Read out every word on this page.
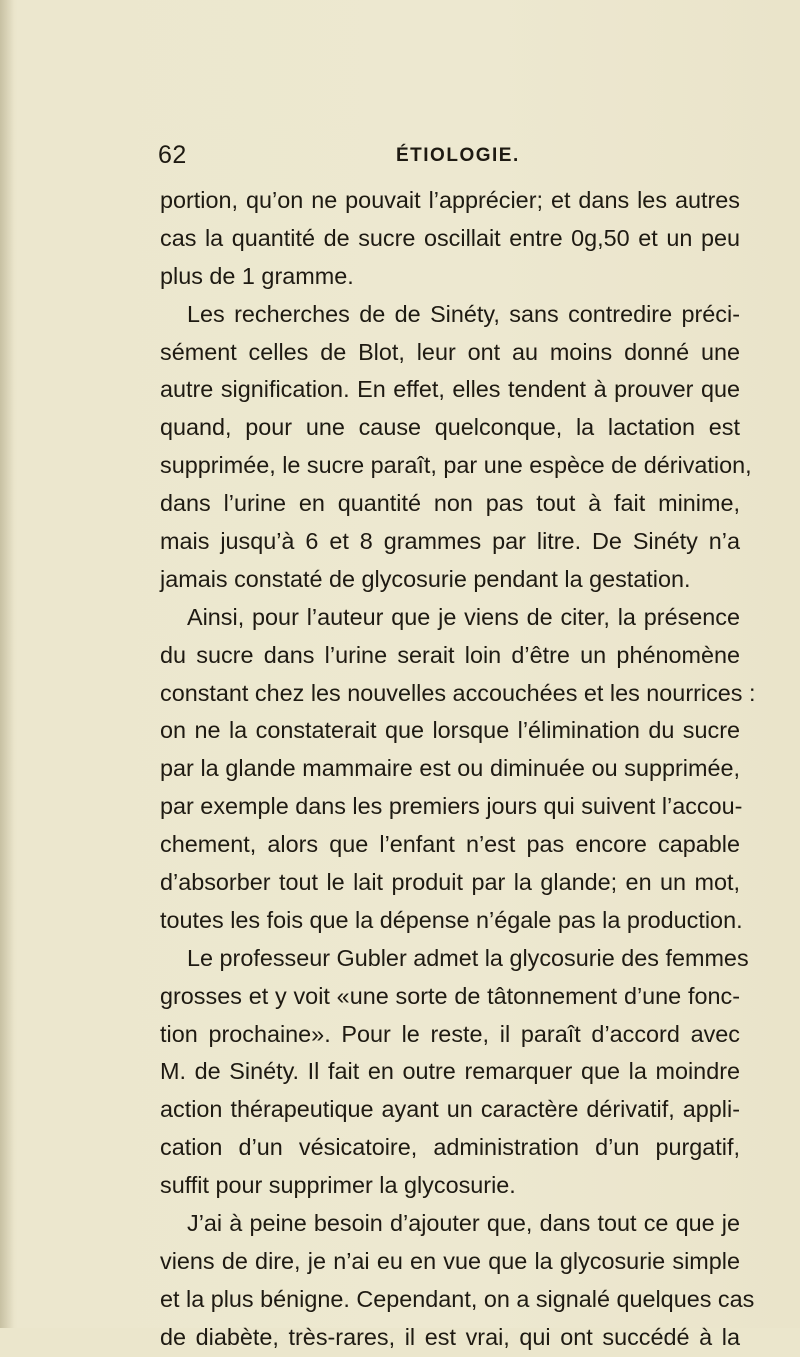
62	ÉTIOLOGIE.
portion, qu’on ne pouvait l’apprécier; et dans les autres
cas la quantité de sucre oscillait entre 0g,50 et un peu
plus de 1 gramme.
Les recherches de de Sinéty, sans contredire préci-
sément celles de Blot, leur ont au moins donné une
autre signification. En effet, elles tendent à prouver que
quand, pour une cause quelconque, la lactation est
supprimée, le sucre paraît, par une espèce de dérivation,
dans l’urine en quantité non pas tout à fait minime,
mais jusqu’à 6 et 8 grammes par litre. De Sinéty n’a
jamais constaté de glycosurie pendant la gestation.
Ainsi, pour l’auteur que je viens de citer, la présence
du sucre dans l’urine serait loin d’être un phénomène
constant chez les nouvelles accouchées et les nourrices :
on ne la constaterait que lorsque l’élimination du sucre
par la glande mammaire est ou diminuée ou supprimée,
par exemple dans les premiers jours qui suivent l’accou-
chement, alors que l’enfant n’est pas encore capable
d’absorber tout le lait produit par la glande; en un mot,
toutes les fois que la dépense n’égale pas la production.
Le professeur Gubler admet la glycosurie des femmes
grosses et y voit «une sorte de tâtonnement d’une fonc-
tion prochaine». Pour le reste, il paraît d’accord avec
M. de Sinéty. Il fait en outre remarquer que la moindre
action thérapeutique ayant un caractère dérivatif, appli-
cation d’un vésicatoire, administration d’un purgatif,
suffit pour supprimer la glycosurie.
J’ai à peine besoin d’ajouter que, dans tout ce que je
viens de dire, je n’ai eu en vue que la glycosurie simple
et la plus bénigne. Cependant, on a signalé quelques cas
de diabète, très-rares, il est vrai, qui ont succédé à la
